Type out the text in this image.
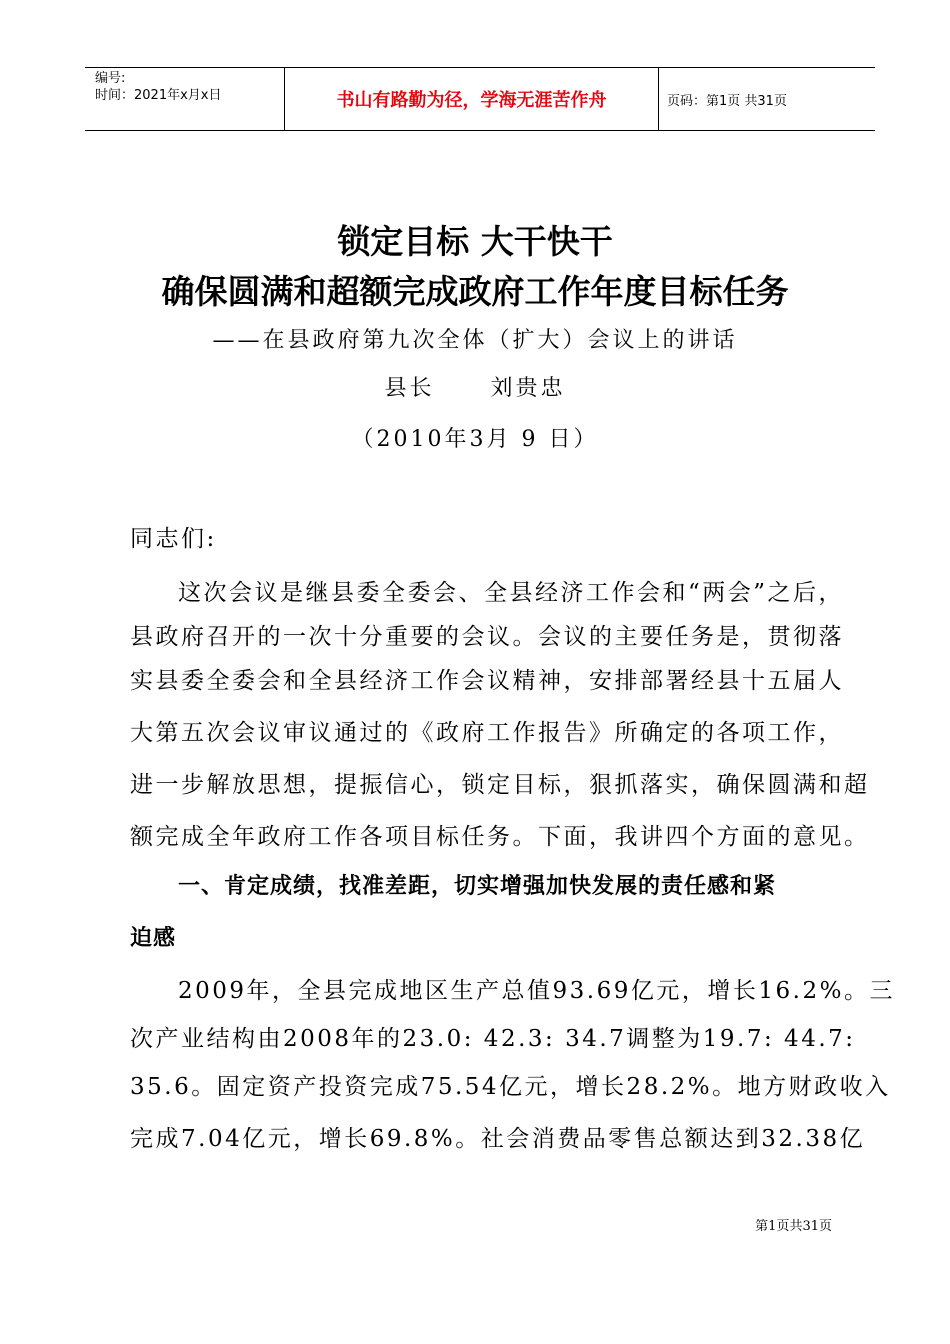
编号:
时间：2021年x月x日	书山有路勤为径，学海无涯苦作舟	页码：第1页 共31页
锁定目标 大干快干
确保圆满和超额完成政府工作年度目标任务
——在县政府第九次全体（扩大）会议上的讲话
县长	刘贵忠
（2010年3月 9 日）
同志们:
这次会议是继县委全委会、全县经济工作会和“两会”之后，
县政府召开的一次十分重要的会议。会议的主要任务是，贯彻落
实县委全委会和全县经济工作会议精神，安排部署经县十五届人
大第五次会议审议通过的《政府工作报告》所确定的各项工作，
进一步解放思想，提振信心，锁定目标，狠抓落实，确保圆满和超
额完成全年政府工作各项目标任务。下面，我讲四个方面的意见。
一、肯定成绩，找准差距，切实增强加快发展的责任感和紧
迫感
2009年，全县完成地区生产总值93.69亿元，增长16.2%。三
次产业结构由2008年的23.0: 42.3: 34.7调整为19.7: 44.7:
35.6。固定资产投资完成75.54亿元，增长28.2%。地方财政收入
完成7.04亿元，增长69.8%。社会消费品零售总额达到32.38亿
第1页共31页
